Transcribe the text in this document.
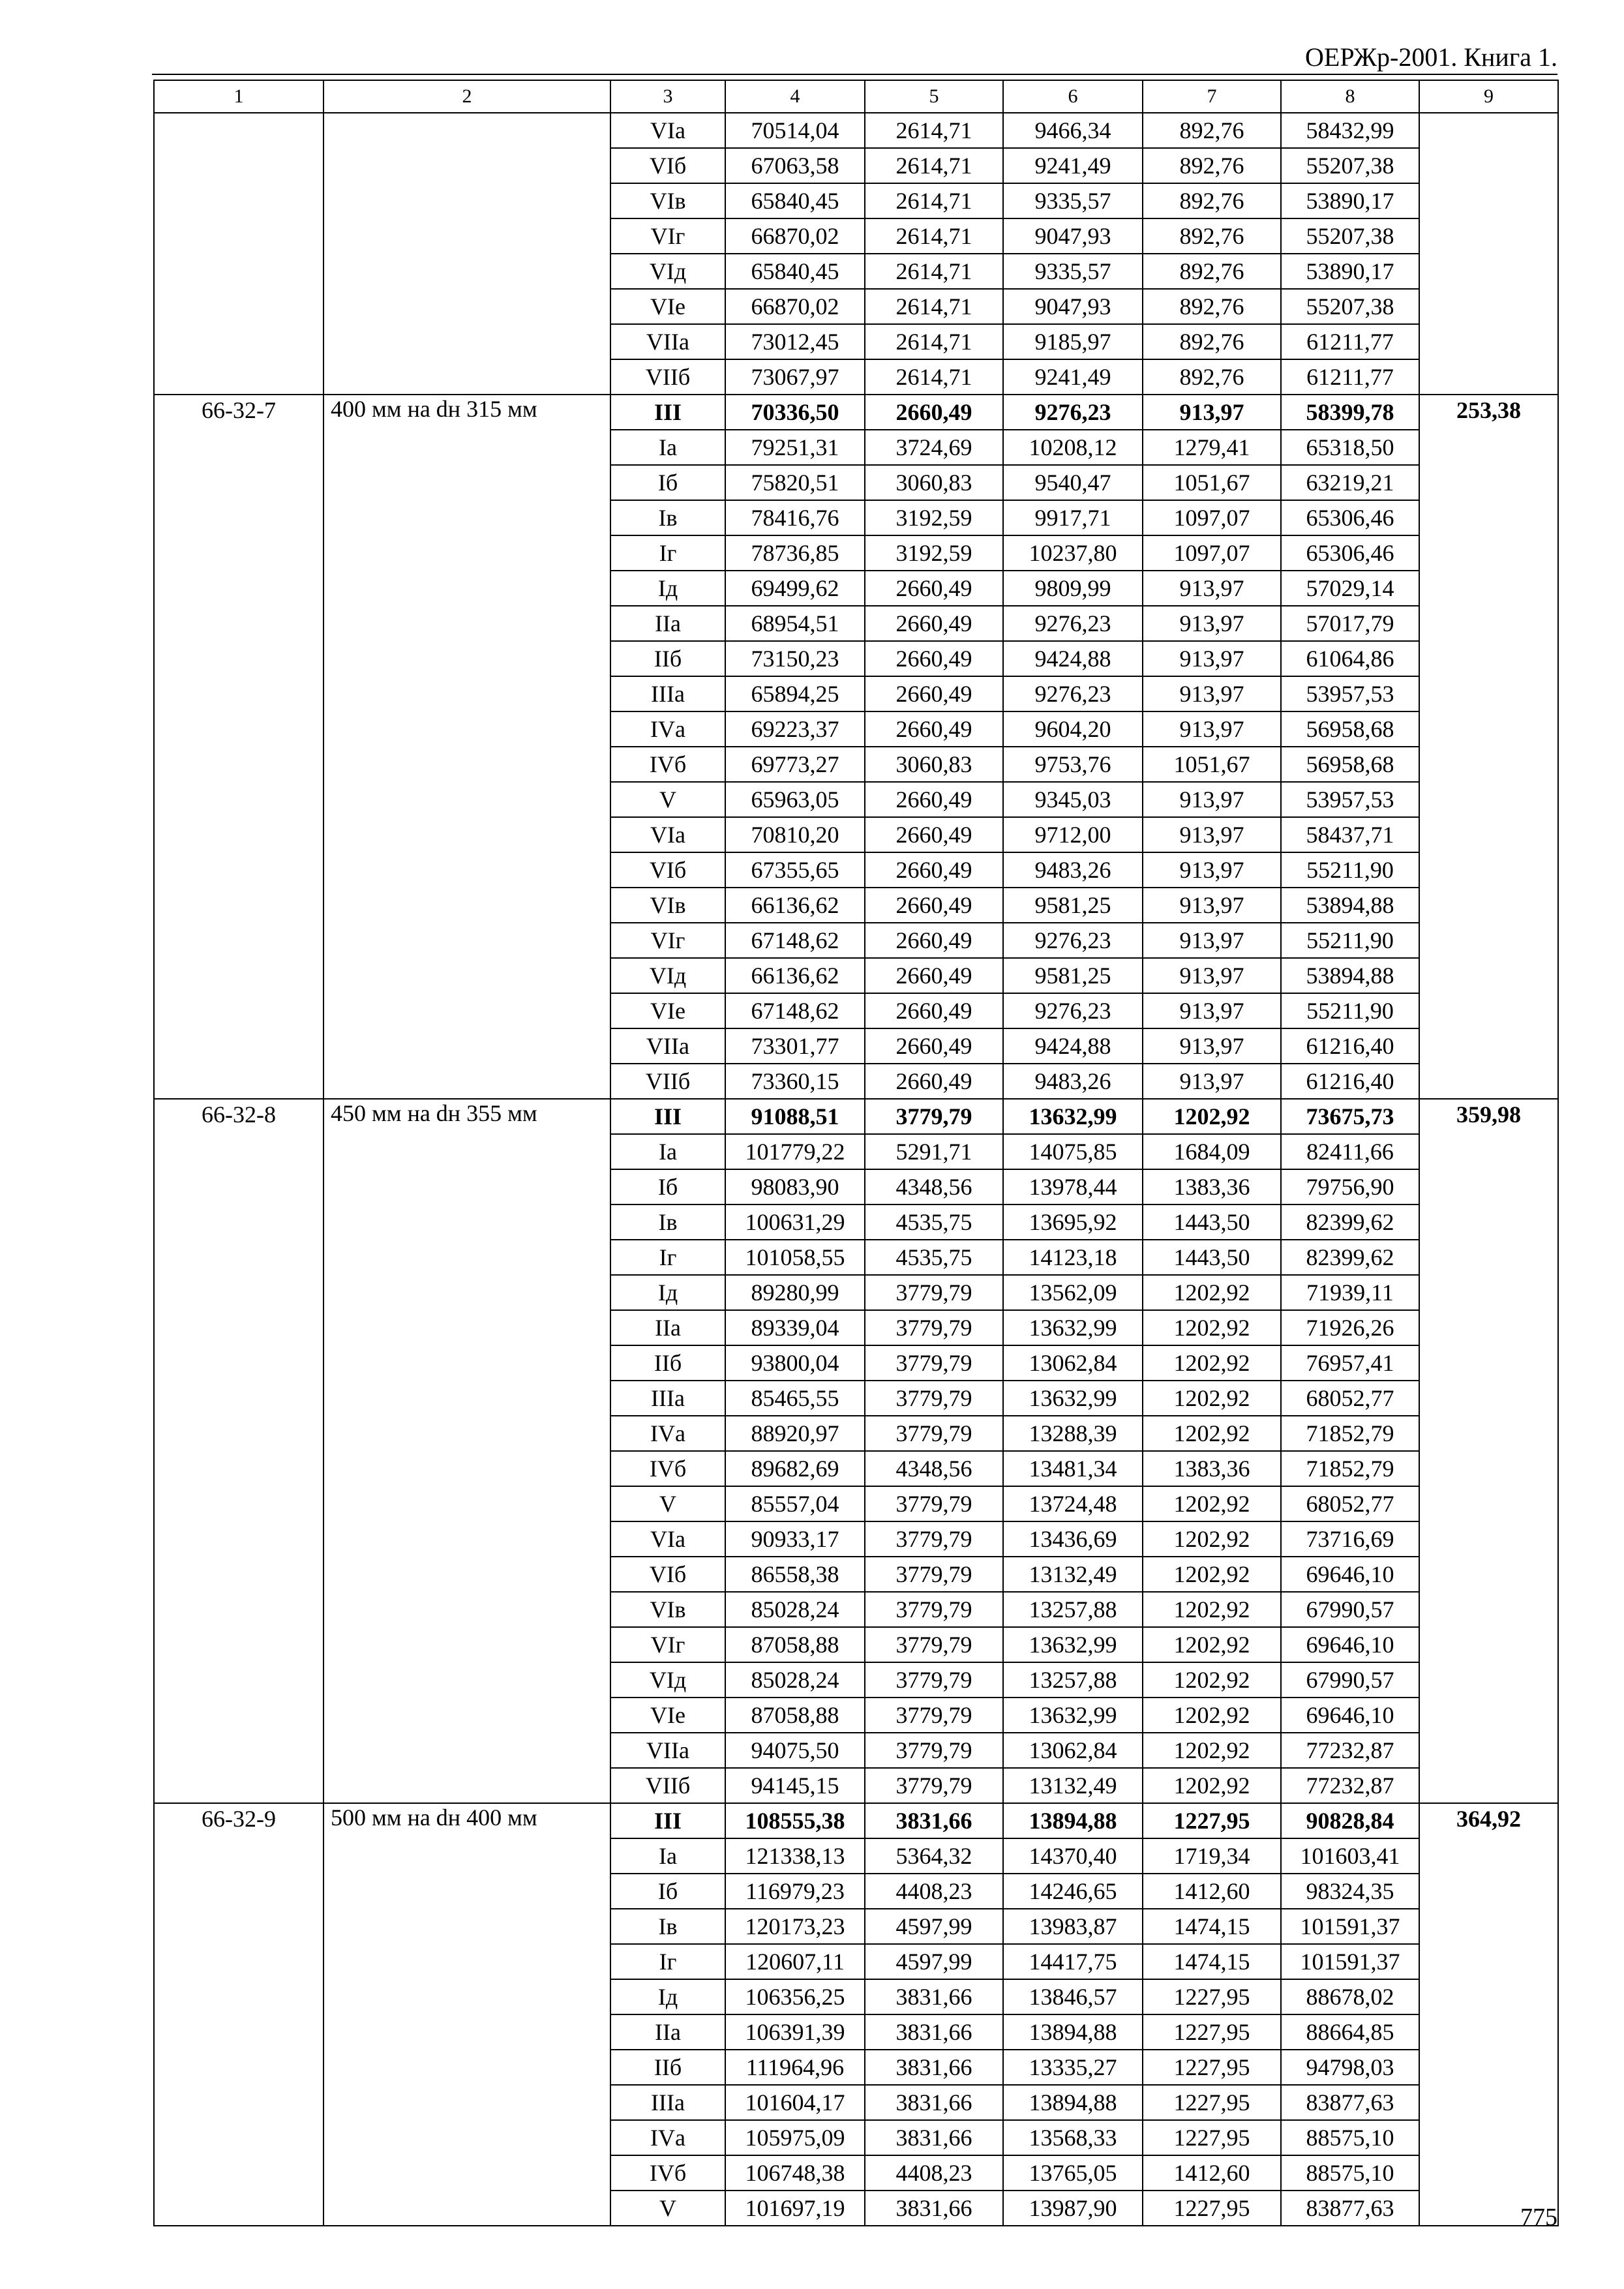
ОЕРЖр-2001. Книга 1.
1	2	3	4	5	6	7	8	9
		VIа	70514,04	2614,71	9466,34	892,76	58432,99	
		VIб	67063,58	2614,71	9241,49	892,76	55207,38	
		VIв	65840,45	2614,71	9335,57	892,76	53890,17	
		VIг	66870,02	2614,71	9047,93	892,76	55207,38	
		VIд	65840,45	2614,71	9335,57	892,76	53890,17	
		VIе	66870,02	2614,71	9047,93	892,76	55207,38	
		VIIа	73012,45	2614,71	9185,97	892,76	61211,77	
		VIIб	73067,97	2614,71	9241,49	892,76	61211,77	
66-32-7	400 мм на dн 315 мм	III	70336,50	2660,49	9276,23	913,97	58399,78	253,38
		Iа	79251,31	3724,69	10208,12	1279,41	65318,50	
		Iб	75820,51	3060,83	9540,47	1051,67	63219,21	
		Iв	78416,76	3192,59	9917,71	1097,07	65306,46	
		Iг	78736,85	3192,59	10237,80	1097,07	65306,46	
		Iд	69499,62	2660,49	9809,99	913,97	57029,14	
		IIа	68954,51	2660,49	9276,23	913,97	57017,79	
		IIб	73150,23	2660,49	9424,88	913,97	61064,86	
		IIIа	65894,25	2660,49	9276,23	913,97	53957,53	
		IVа	69223,37	2660,49	9604,20	913,97	56958,68	
		IVб	69773,27	3060,83	9753,76	1051,67	56958,68	
		V	65963,05	2660,49	9345,03	913,97	53957,53	
		VIа	70810,20	2660,49	9712,00	913,97	58437,71	
		VIб	67355,65	2660,49	9483,26	913,97	55211,90	
		VIв	66136,62	2660,49	9581,25	913,97	53894,88	
		VIг	67148,62	2660,49	9276,23	913,97	55211,90	
		VIд	66136,62	2660,49	9581,25	913,97	53894,88	
		VIе	67148,62	2660,49	9276,23	913,97	55211,90	
		VIIа	73301,77	2660,49	9424,88	913,97	61216,40	
		VIIб	73360,15	2660,49	9483,26	913,97	61216,40	
66-32-8	450 мм на dн 355 мм	III	91088,51	3779,79	13632,99	1202,92	73675,73	359,98
		Iа	101779,22	5291,71	14075,85	1684,09	82411,66	
		Iб	98083,90	4348,56	13978,44	1383,36	79756,90	
		Iв	100631,29	4535,75	13695,92	1443,50	82399,62	
		Iг	101058,55	4535,75	14123,18	1443,50	82399,62	
		Iд	89280,99	3779,79	13562,09	1202,92	71939,11	
		IIа	89339,04	3779,79	13632,99	1202,92	71926,26	
		IIб	93800,04	3779,79	13062,84	1202,92	76957,41	
		IIIа	85465,55	3779,79	13632,99	1202,92	68052,77	
		IVа	88920,97	3779,79	13288,39	1202,92	71852,79	
		IVб	89682,69	4348,56	13481,34	1383,36	71852,79	
		V	85557,04	3779,79	13724,48	1202,92	68052,77	
		VIа	90933,17	3779,79	13436,69	1202,92	73716,69	
		VIб	86558,38	3779,79	13132,49	1202,92	69646,10	
		VIв	85028,24	3779,79	13257,88	1202,92	67990,57	
		VIг	87058,88	3779,79	13632,99	1202,92	69646,10	
		VIд	85028,24	3779,79	13257,88	1202,92	67990,57	
		VIе	87058,88	3779,79	13632,99	1202,92	69646,10	
		VIIа	94075,50	3779,79	13062,84	1202,92	77232,87	
		VIIб	94145,15	3779,79	13132,49	1202,92	77232,87	
66-32-9	500 мм на dн 400 мм	III	108555,38	3831,66	13894,88	1227,95	90828,84	364,92
		Iа	121338,13	5364,32	14370,40	1719,34	101603,41	
		Iб	116979,23	4408,23	14246,65	1412,60	98324,35	
		Iв	120173,23	4597,99	13983,87	1474,15	101591,37	
		Iг	120607,11	4597,99	14417,75	1474,15	101591,37	
		Iд	106356,25	3831,66	13846,57	1227,95	88678,02	
		IIа	106391,39	3831,66	13894,88	1227,95	88664,85	
		IIб	111964,96	3831,66	13335,27	1227,95	94798,03	
		IIIа	101604,17	3831,66	13894,88	1227,95	83877,63	
		IVа	105975,09	3831,66	13568,33	1227,95	88575,10	
		IVб	106748,38	4408,23	13765,05	1412,60	88575,10	
		V	101697,19	3831,66	13987,90	1227,95	83877,63		775
